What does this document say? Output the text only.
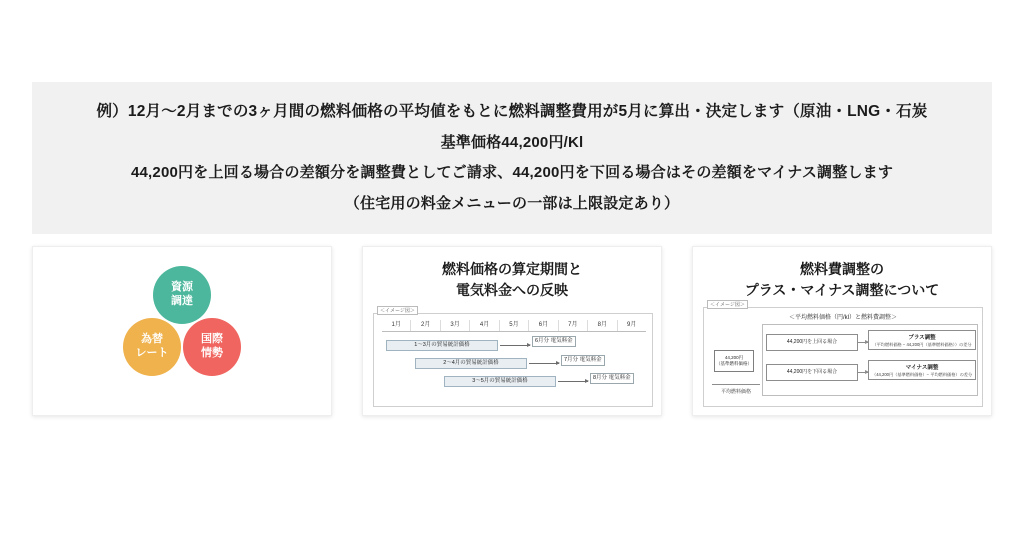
例）12月〜2月までの3ヶ月間の燃料価格の平均値をもとに燃料調整費用が5月に算出・決定します（原油・LNG・石炭
基準価格44,200円/Kl
44,200円を上回る場合の差額分を調整費としてご請求、44,200円を下回る場合はその差額をマイナス調整します
（住宅用の料金メニューの一部は上限設定あり）
資源
調達
為替
レート
国際
情勢
燃料価格の算定期間と
電気料金への反映
＜イメージ図＞
1月	2月	3月	4月	5月	6月	7月	8月	9月
1〜3月の貿易統計価格
2〜4月の貿易統計価格
3〜5月の貿易統計価格
6月分 電気料金
7月分 電気料金
8月分 電気料金
燃料費調整の
プラス・マイナス調整について
＜イメージ図＞
＜平均燃料価格（円/kl）と燃料費調整＞
44,200円
（基準燃料価格）
平均燃料価格
44,200円を上回る場合
44,200円を下回る場合
プラス調整
（平均燃料価格 − 44,200円（基準燃料価格））の差分
マイナス調整
（44,200円（基準燃料価格）− 平均燃料価格）の差分
